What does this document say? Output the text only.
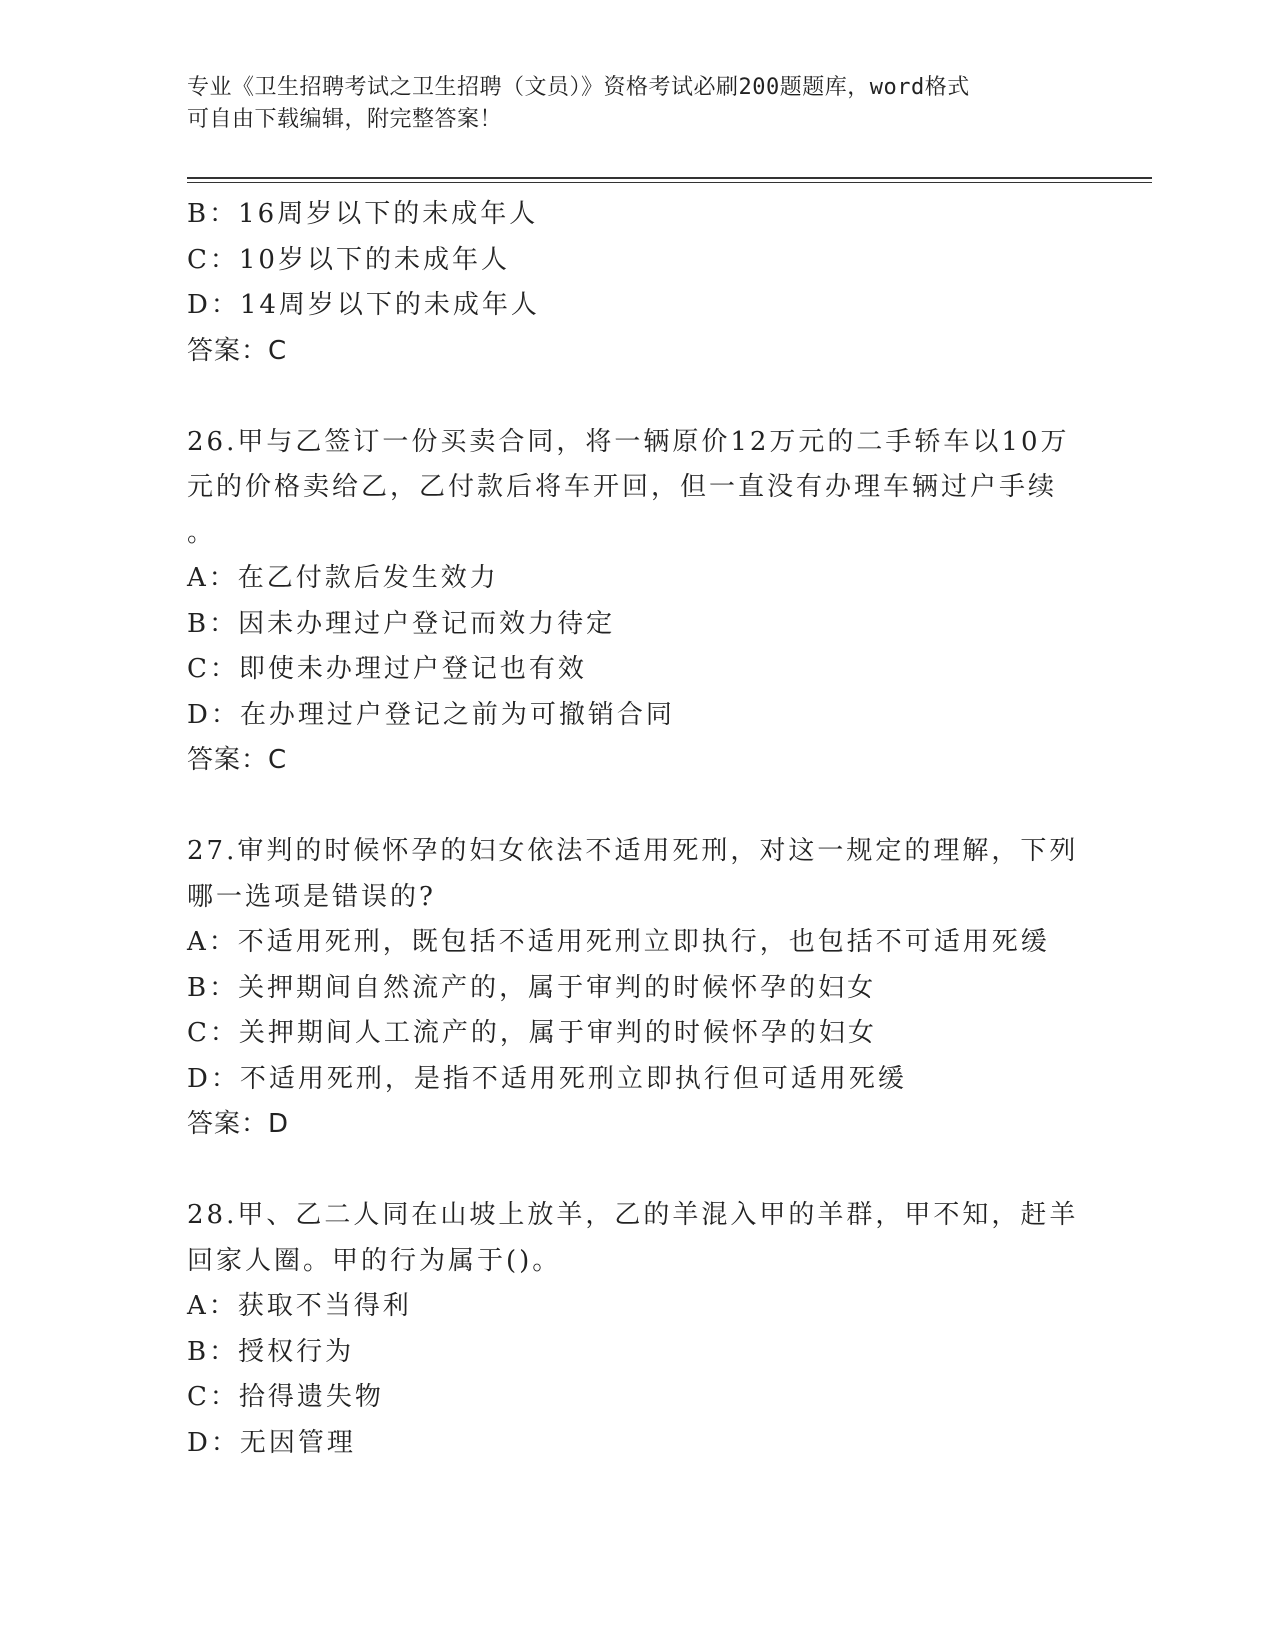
专业《卫生招聘考试之卫生招聘（文员）》资格考试必刷200题题库，word格式
可自由下载编辑，附完整答案！
B：16周岁以下的未成年人
C：10岁以下的未成年人
D：14周岁以下的未成年人
答案：C
26.甲与乙签订一份买卖合同，将一辆原价12万元的二手轿车以10万
元的价格卖给乙，乙付款后将车开回，但一直没有办理车辆过户手续
。
A：在乙付款后发生效力
B：因未办理过户登记而效力待定
C：即使未办理过户登记也有效
D：在办理过户登记之前为可撤销合同
答案：C
27.审判的时候怀孕的妇女依法不适用死刑，对这一规定的理解，下列
哪一选项是错误的?
A：不适用死刑，既包括不适用死刑立即执行，也包括不可适用死缓
B：关押期间自然流产的，属于审判的时候怀孕的妇女
C：关押期间人工流产的，属于审判的时候怀孕的妇女
D：不适用死刑，是指不适用死刑立即执行但可适用死缓
答案：D
28.甲、乙二人同在山坡上放羊，乙的羊混入甲的羊群，甲不知，赶羊
回家人圈。甲的行为属于()。
A：获取不当得利
B：授权行为
C：拾得遗失物
D：无因管理
